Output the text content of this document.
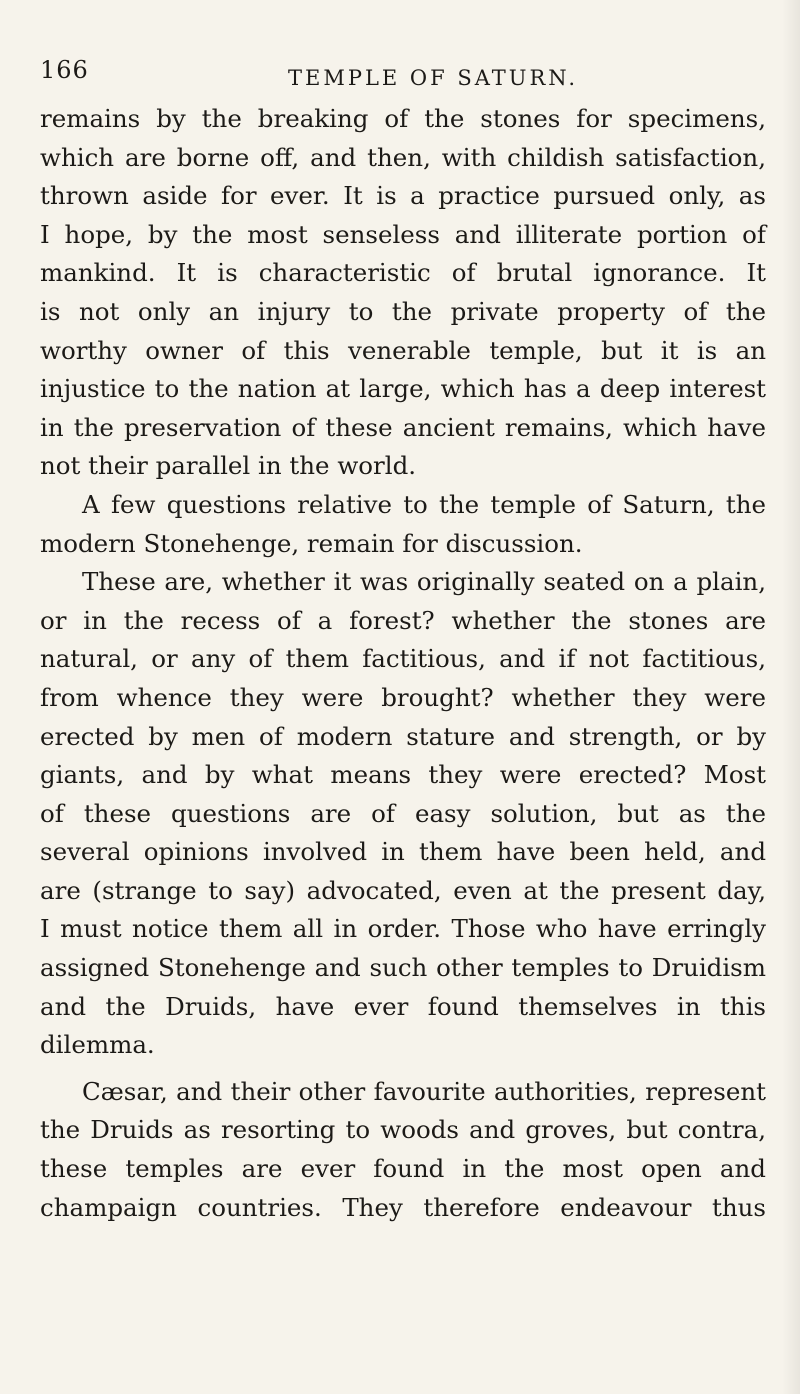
166	TEMPLE OF SATURN.
remains by the breaking of the stones for specimens,
which are borne off, and then, with childish satisfaction,
thrown aside for ever. It is a practice pursued only, as
I hope, by the most senseless and illiterate portion of
mankind. It is characteristic of brutal ignorance. It
is not only an injury to the private property of the
worthy owner of this venerable temple, but it is an
injustice to the nation at large, which has a deep interest
in the preservation of these ancient remains, which have
not their parallel in the world.
A few questions relative to the temple of Saturn, the
modern Stonehenge, remain for discussion.
These are, whether it was originally seated on a plain,
or in the recess of a forest? whether the stones are
natural, or any of them factitious, and if not factitious,
from whence they were brought? whether they were
erected by men of modern stature and strength, or by
giants, and by what means they were erected? Most
of these questions are of easy solution, but as the
several opinions involved in them have been held, and
are (strange to say) advocated, even at the present day,
I must notice them all in order. Those who have erringly
assigned Stonehenge and such other temples to Druidism
and the Druids, have ever found themselves in this
dilemma.
Cæsar, and their other favourite authorities, represent
the Druids as resorting to woods and groves, but contra,
these temples are ever found in the most open and
champaign countries. They therefore endeavour thus
